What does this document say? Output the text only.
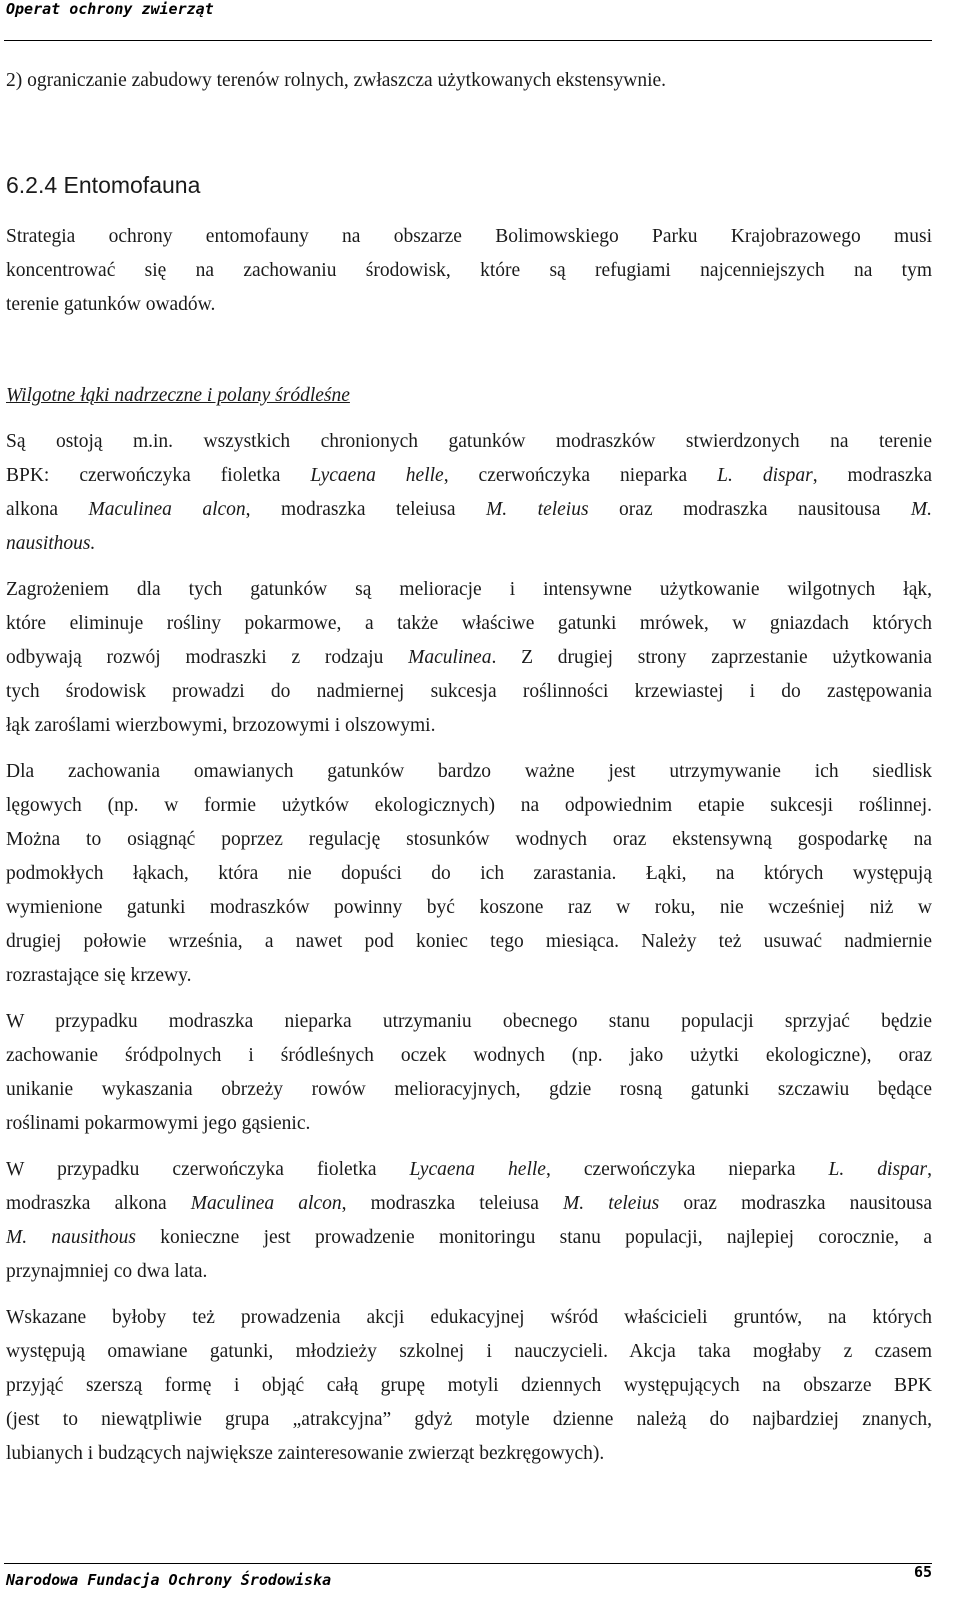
Operat ochrony zwierząt
2) ograniczanie zabudowy terenów rolnych, zwłaszcza użytkowanych ekstensywnie.
6.2.4 Entomofauna
Strategia ochrony entomofauny na obszarze Bolimowskiego Parku Krajobrazowego musi
koncentrować się na zachowaniu środowisk, które są refugiami najcenniejszych na tym
terenie gatunków owadów.
Wilgotne łąki nadrzeczne i polany śródleśne
Są ostoją m.in. wszystkich chronionych gatunków modraszków stwierdzonych na terenie
BPK: czerwończyka fioletka Lycaena helle, czerwończyka nieparka L. dispar, modraszka
alkona Maculinea alcon, modraszka teleiusa M. teleius oraz modraszka nausitousa M.
nausithous.
Zagrożeniem dla tych gatunków są melioracje i intensywne użytkowanie wilgotnych łąk,
które eliminuje rośliny pokarmowe, a także właściwe gatunki mrówek, w gniazdach których
odbywają rozwój modraszki z rodzaju Maculinea. Z drugiej strony zaprzestanie użytkowania
tych środowisk prowadzi do nadmiernej sukcesja roślinności krzewiastej i do zastępowania
łąk zaroślami wierzbowymi, brzozowymi i olszowymi.
Dla zachowania omawianych gatunków bardzo ważne jest utrzymywanie ich siedlisk
lęgowych (np. w formie użytków ekologicznych) na odpowiednim etapie sukcesji roślinnej.
Można to osiągnąć poprzez regulację stosunków wodnych oraz ekstensywną gospodarkę na
podmokłych łąkach, która nie dopuści do ich zarastania. Łąki, na których występują
wymienione gatunki modraszków powinny być koszone raz w roku, nie wcześniej niż w
drugiej połowie września, a nawet pod koniec tego miesiąca. Należy też usuwać nadmiernie
rozrastające się krzewy.
W przypadku modraszka nieparka utrzymaniu obecnego stanu populacji sprzyjać będzie
zachowanie śródpolnych i śródleśnych oczek wodnych (np. jako użytki ekologiczne), oraz
unikanie wykaszania obrzeży rowów melioracyjnych, gdzie rosną gatunki szczawiu będące
roślinami pokarmowymi jego gąsienic.
W przypadku czerwończyka fioletka Lycaena helle, czerwończyka nieparka L. dispar,
modraszka alkona Maculinea alcon, modraszka teleiusa M. teleius oraz modraszka nausitousa
M. nausithous konieczne jest prowadzenie monitoringu stanu populacji, najlepiej corocznie, a
przynajmniej co dwa lata.
Wskazane byłoby też prowadzenia akcji edukacyjnej wśród właścicieli gruntów, na których
występują omawiane gatunki, młodzieży szkolnej i nauczycieli. Akcja taka mogłaby z czasem
przyjąć szerszą formę i objąć całą grupę motyli dziennych występujących na obszarze BPK
(jest to niewątpliwie grupa „atrakcyjna” gdyż motyle dzienne należą do najbardziej znanych,
lubianych i budzących największe zainteresowanie zwierząt bezkręgowych).
Narodowa Fundacja Ochrony Środowiska	65
